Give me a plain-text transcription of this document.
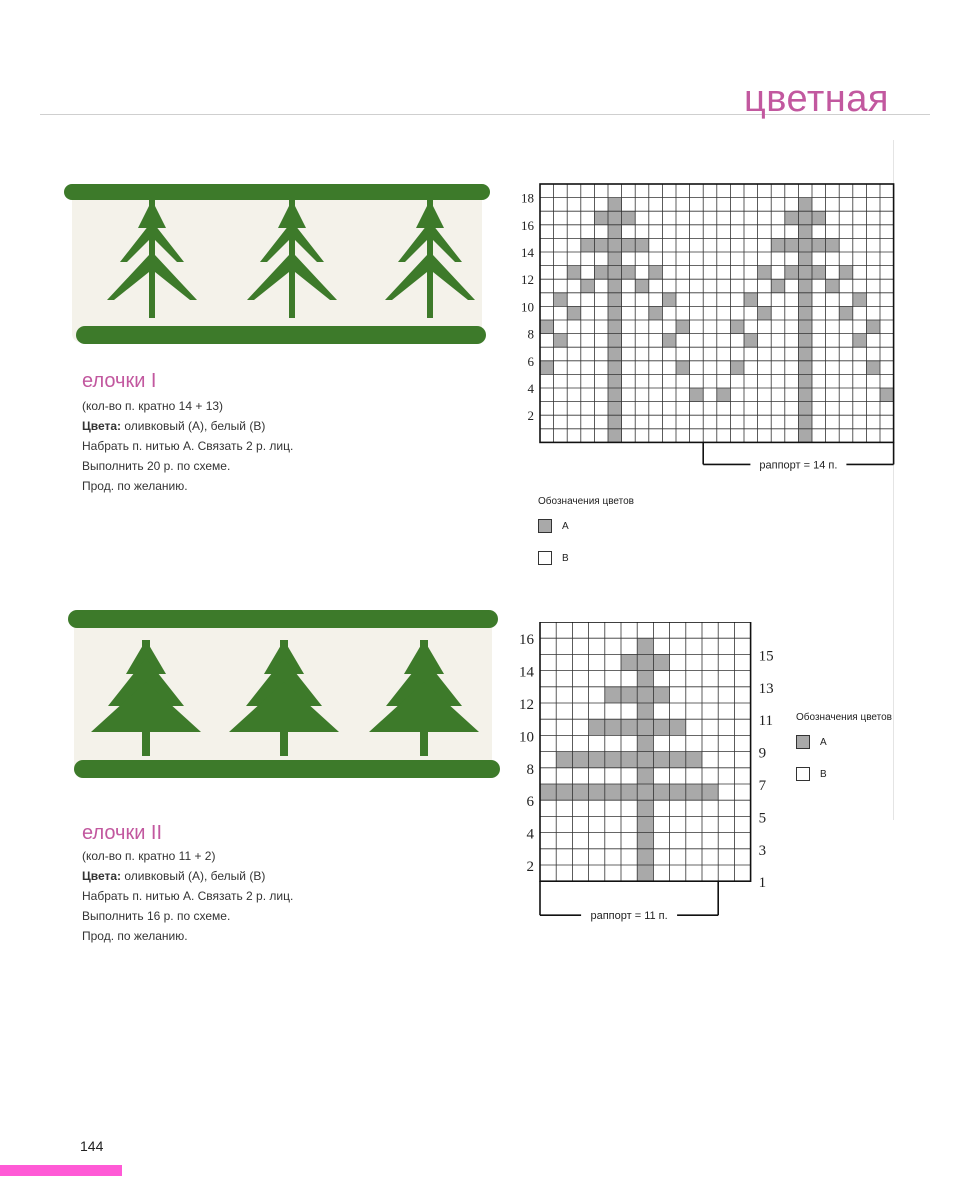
цветная
елочки I
(кол-во п. кратно 14 + 13)
Цвета: оливковый (A), белый (B)
Набрать п. нитью A. Связать 2 р. лиц.
Выполнить 20 р. по схеме.
Прод. по желанию.
18
16
14
12
10
8
6
4
2
раппорт = 14 п.
Обозначения цветов
A
B
елочки II
(кол-во п. кратно 11 + 2)
Цвета: оливковый (A), белый (B)
Набрать п. нитью A. Связать 2 р. лиц.
Выполнить 16 р. по схеме.
Прод. по желанию.
16
14
12
10
8
6
4
2
15
13
11
9
7
5
3
1
раппорт = 11 п.
Обозначения цветов
A
B
144
